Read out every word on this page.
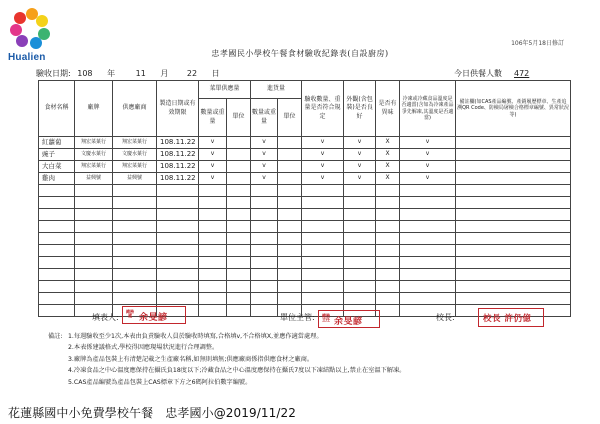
Hualien
106年5月18日修訂
忠孝國民小學校午餐食材驗收紀錄表(自設廚房)
驗收日期: 108 年	11 月 22 日	今日供餐人數 472
食材名稱	廠牌	供應廠商	製造日期或有效期限	菜單供應量		進貨量		驗收數量、重量是否符合規定	外觀(含包裝)是否良好	是否有異味	冷凍或冷藏食品溫度是否適當(含如為冷凍產品爭先解凍,其溫度是否適當)	備註欄(如CAS產品編號、產銷履歷標章、生產追溯QR Code、防檢局屠檢合格標章編號、異常狀況等)
				數量或重量	單位	數量或重量	單位					
紅蘿蔔	翔宏菜菓行	翔宏菜菓行	108.11.22	v		v		v	v	X	v	
豌子	文慶水菓行	文慶水菓行	108.11.22	v		v		v	v	X	v	
大白菜	翔宏菜菓行	翔宏菜菓行	108.11.22	v		v		v	v	X	v	
雞肉	益興號	益興號	108.11.22	v		v		v	v	X	v	

填表人:
總務處 余旻諺	單位主管: 總務主任 余旻諺	校長:	校長 許仍億
備註: 1.每週驗收至少1次,本表由負責驗收人員於驗收時填寫,合格填v,不合格填X,並應作適當處理。
2.本表係建議格式,學校得因應現場狀況進行合理調整。
3.廠牌為產品包裝上有清楚記載之生產廠名稱,如無則填無;供應廠商係指供應食材之廠商。
4.冷凍食品之中心溫度應保持在攝氏負18度以下;冷藏食品之中心溫度應保持在攝氏7度以下凍結點以上,禁止在室溫下解凍。
5.CAS產品編號為產品包裝上CAS標章下方之6碼阿拉伯數字編號。
花蓮縣國中小免費學校午餐　忠孝國小@2019/11/22
